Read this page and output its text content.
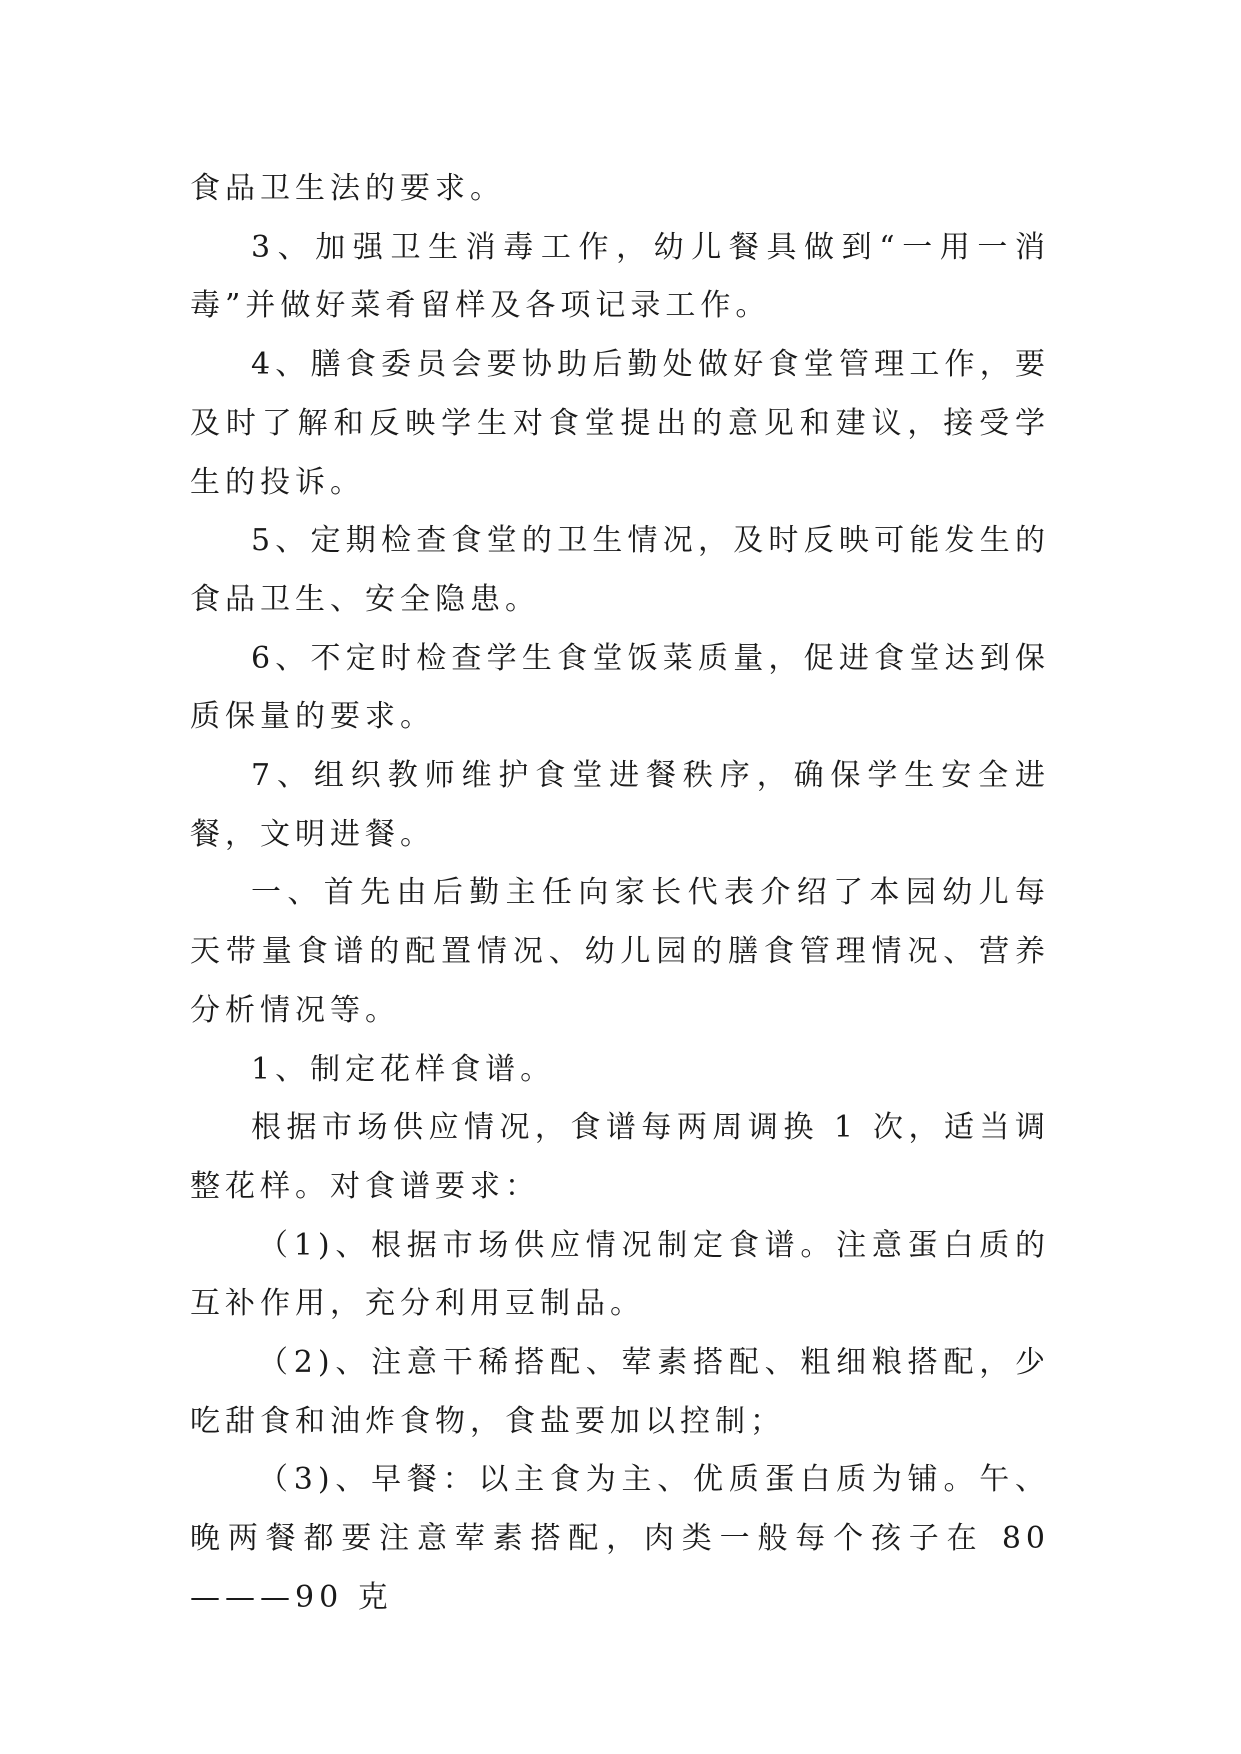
食品卫生法的要求。

3、加强卫生消毒工作，幼儿餐具做到“一用一消毒”并做好菜肴留样及各项记录工作。

4、膳食委员会要协助后勤处做好食堂管理工作，要及时了解和反映学生对食堂提出的意见和建议，接受学生的投诉。

5、定期检查食堂的卫生情况，及时反映可能发生的食品卫生、安全隐患。

6、不定时检查学生食堂饭菜质量，促进食堂达到保质保量的要求。

7、组织教师维护食堂进餐秩序，确保学生安全进餐，文明进餐。

一、首先由后勤主任向家长代表介绍了本园幼儿每天带量食谱的配置情况、幼儿园的膳食管理情况、营养分析情况等。

1、制定花样食谱。

根据市场供应情况，食谱每两周调换 1 次，适当调整花样。对食谱要求：

（1)、根据市场供应情况制定食谱。注意蛋白质的互补作用，充分利用豆制品。

（2)、注意干稀搭配、荤素搭配、粗细粮搭配，少吃甜食和油炸食物，食盐要加以控制；

（3)、早餐：以主食为主、优质蛋白质为铺。午、晚两餐都要注意荤素搭配，肉类一般每个孩子在 80———90 克
